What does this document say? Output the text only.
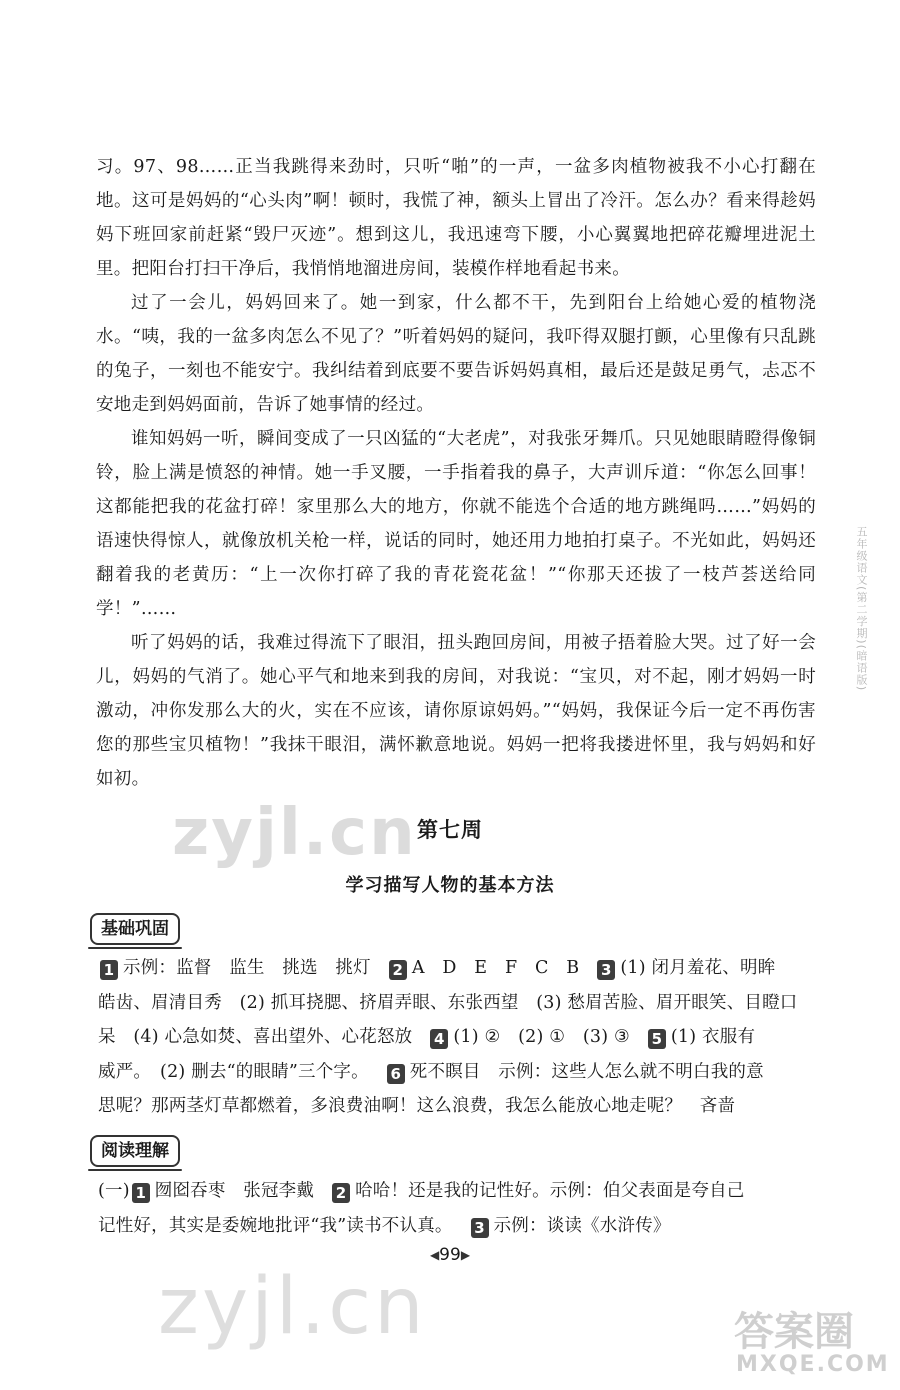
习。97、98……正当我跳得来劲时，只听“啪”的一声，一盆多肉植物被我不小心打翻在地。这可是妈妈的“心头肉”啊！顿时，我慌了神，额头上冒出了冷汗。怎么办？看来得趁妈妈下班回家前赶紧“毁尸灭迹”。想到这儿，我迅速弯下腰，小心翼翼地把碎花瓣埋进泥土里。把阳台打扫干净后，我悄悄地溜进房间，装模作样地看起书来。

过了一会儿，妈妈回来了。她一到家，什么都不干，先到阳台上给她心爱的植物浇水。“咦，我的一盆多肉怎么不见了？”听着妈妈的疑问，我吓得双腿打颤，心里像有只乱跳的兔子，一刻也不能安宁。我纠结着到底要不要告诉妈妈真相，最后还是鼓足勇气，忐忑不安地走到妈妈面前，告诉了她事情的经过。

谁知妈妈一听，瞬间变成了一只凶猛的“大老虎”，对我张牙舞爪。只见她眼睛瞪得像铜铃，脸上满是愤怒的神情。她一手叉腰，一手指着我的鼻子，大声训斥道：“你怎么回事！这都能把我的花盆打碎！家里那么大的地方，你就不能选个合适的地方跳绳吗……”妈妈的语速快得惊人，就像放机关枪一样，说话的同时，她还用力地拍打桌子。不光如此，妈妈还翻着我的老黄历：“上一次你打碎了我的青花瓷花盆！”“你那天还拔了一枝芦荟送给同学！”……

听了妈妈的话，我难过得流下了眼泪，扭头跑回房间，用被子捂着脸大哭。过了好一会儿，妈妈的气消了。她心平气和地来到我的房间，对我说：“宝贝，对不起，刚才妈妈一时激动，冲你发那么大的火，实在不应该，请你原谅妈妈。”“妈妈，我保证今后一定不再伤害您的那些宝贝植物！”我抹干眼泪，满怀歉意地说。妈妈一把将我搂进怀里，我与妈妈和好如初。

zyjl.cn 第七周
学习描写人物的基本方法
基础巩固

1 示例：监督　监生　挑选　挑灯 2 A　D　E　F　C　B 3 (1) 闭月羞花、明眸

皓齿、眉清目秀　(2) 抓耳挠腮、挤眉弄眼、东张西望　(3) 愁眉苦脸、眉开眼笑、目瞪口

呆　(4) 心急如焚、喜出望外、心花怒放 4 (1) ②　(2) ①　(3) ③ 5 (1) 衣服有

威严。　(2) 删去“的眼睛”三个字。 6 死不瞑目　示例：这些人怎么就不明白我的意

思呢？那两茎灯草都燃着，多浪费油啊！这么浪费，我怎么能放心地走呢？　吝啬

阅读理解

(一) 1 囫囵吞枣　张冠李戴 2 哈哈！还是我的记性好。示例：伯父表面是夸自己

记性好，其实是委婉地批评“我”读书不认真。 3 示例：谈读《水浒传》

◀99▶
五年级语文(第二学期)(暗语版)
zyjl.cn	答案圈
MXQE.COM
